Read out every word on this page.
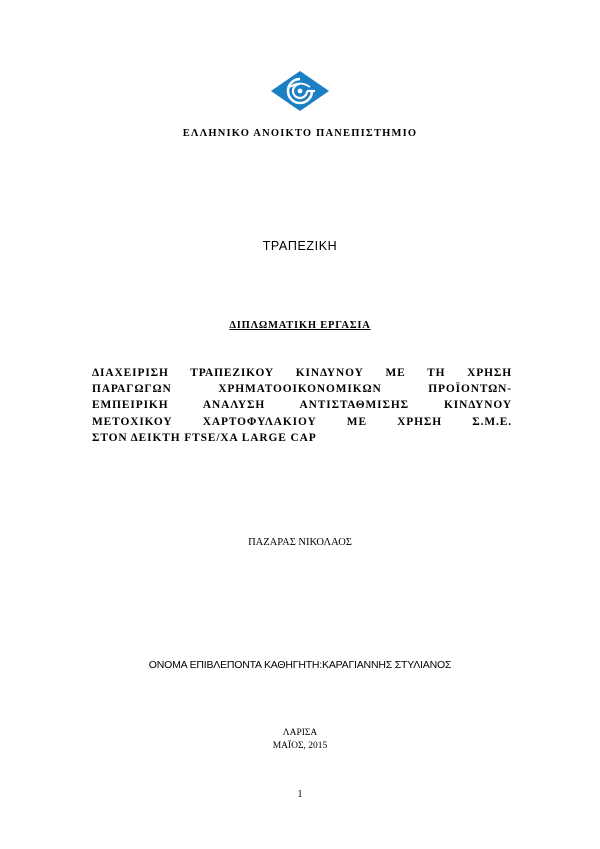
ΕΛΛΗΝΙΚΟ ΑΝΟΙΚΤΟ ΠΑΝΕΠΙΣΤΗΜΙΟ
ΤΡΑΠΕΖΙΚΗ
ΔΙΠΛΩΜΑΤΙΚΗ ΕΡΓΑΣΙΑ
ΔΙΑΧΕΙΡΙΣΗ ΤΡΑΠΕΖΙΚΟΥ ΚΙΝΔΥΝΟΥ ΜΕ ΤΗ ΧΡΗΣΗ
ΠΑΡΑΓΩΓΩΝ ΧΡΗΜΑΤΟΟΙΚΟΝΟΜΙΚΩΝ ΠΡΟΪΟΝΤΩΝ-
ΕΜΠΕΙΡΙΚΗ ΑΝΑΛΥΣΗ ΑΝΤΙΣΤΑΘΜΙΣΗΣ ΚΙΝΔΥΝΟΥ
ΜΕΤΟΧΙΚΟΥ ΧΑΡΤΟΦΥΛΑΚΙΟΥ ΜΕ ΧΡΗΣΗ Σ.Μ.Ε.
ΣΤΟΝ ΔΕΙΚΤΗ FTSE/XA LARGE CAP
ΠΑΖΑΡΑΣ ΝΙΚΟΛΑΟΣ
ΟΝΟΜΑ ΕΠΙΒΛΕΠΟΝΤΑ ΚΑΘΗΓΗΤΗ:ΚΑΡΑΓΙΑΝΝΗΣ ΣΤΥΛΙΑΝΟΣ
ΛΑΡΙΣΑ
ΜΑΪΟΣ, 2015
1
